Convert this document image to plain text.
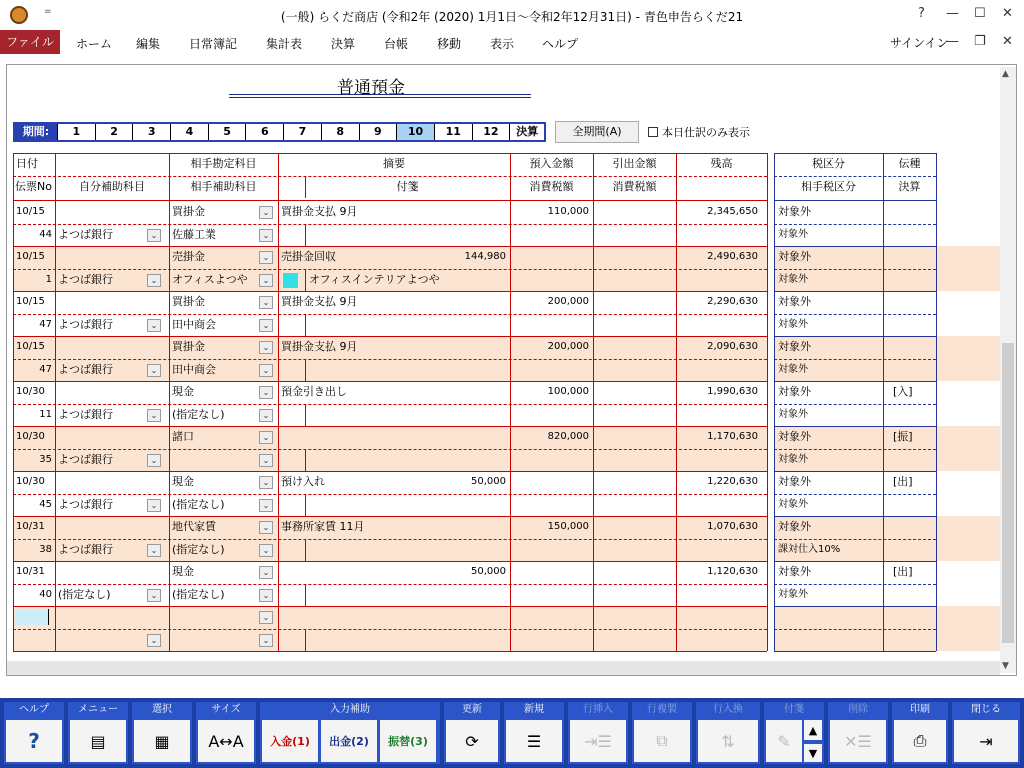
=	(一般) らくだ商店 (令和2年 (2020) 1月1日～令和2年12月31日) - 青色申告らくだ21	? — ☐ ✕
ファイル	ホーム 編集 日常簿記 集計表 決算 台帳 移動 表示 ヘルプ	サインイン
— ❐ ✕
普通預金
期間:	1	2	3	4	5	6	7	8	9	10	11	12	決算	全期間(A)	本日仕訳のみ表示
日付	相手勘定科目	摘要	預入金額	引出金額	残高	税区分	伝種
伝票No	自分補助科目	相手補助科目	付箋	消費税額	消費税額	相手税区分	決算
10/15
44 よつば銀行	⌄
買掛金	⌄
佐藤工業	⌄
買掛金支払 9月	110,000	2,345,650 対象外
対象外
10/15
1 よつば銀行	⌄
売掛金	⌄
オフィスよつや	⌄
売掛金回収
オフィスインテリアよつや
144,980	2,490,630 対象外
対象外
10/15
47 よつば銀行	⌄
買掛金	⌄
田中商会	⌄
買掛金支払 9月	200,000	2,290,630 対象外
対象外
10/15
47 よつば銀行	⌄
買掛金	⌄
田中商会	⌄
買掛金支払 9月	200,000	2,090,630 対象外
対象外
10/30
11 よつば銀行	⌄
現金	⌄
(指定なし)	⌄
預金引き出し	100,000	1,990,630 対象外
対象外
[入]
10/30
35 よつば銀行	⌄
諸口	⌄
⌄
820,000	1,170,630 対象外
対象外
[振]
10/30
45 よつば銀行	⌄
現金	⌄
(指定なし)	⌄
預け入れ	50,000	1,220,630 対象外
対象外
[出]
10/31
38 よつば銀行	⌄
地代家賃	⌄
(指定なし)	⌄
事務所家賃 11月	150,000	1,070,630 対象外
課対仕入10%
10/31
40 (指定なし)	⌄
現金	⌄
(指定なし)	⌄
50,000	1,120,630 対象外
対象外
[出]
⌄
⌄
⌄
▲
▼
ヘルプ
?
メニュー
▤
選択
▦
サイズ
A↔A
入力補助
入金(1)	出金(2)	振替(3)
更新
⟳
新規
☰
行挿入
⇥☰
行複製
⧉
行入換
⇅
付箋
✎
▲
▼
削除
✕☰
印刷
⎙
閉じる
⇥
